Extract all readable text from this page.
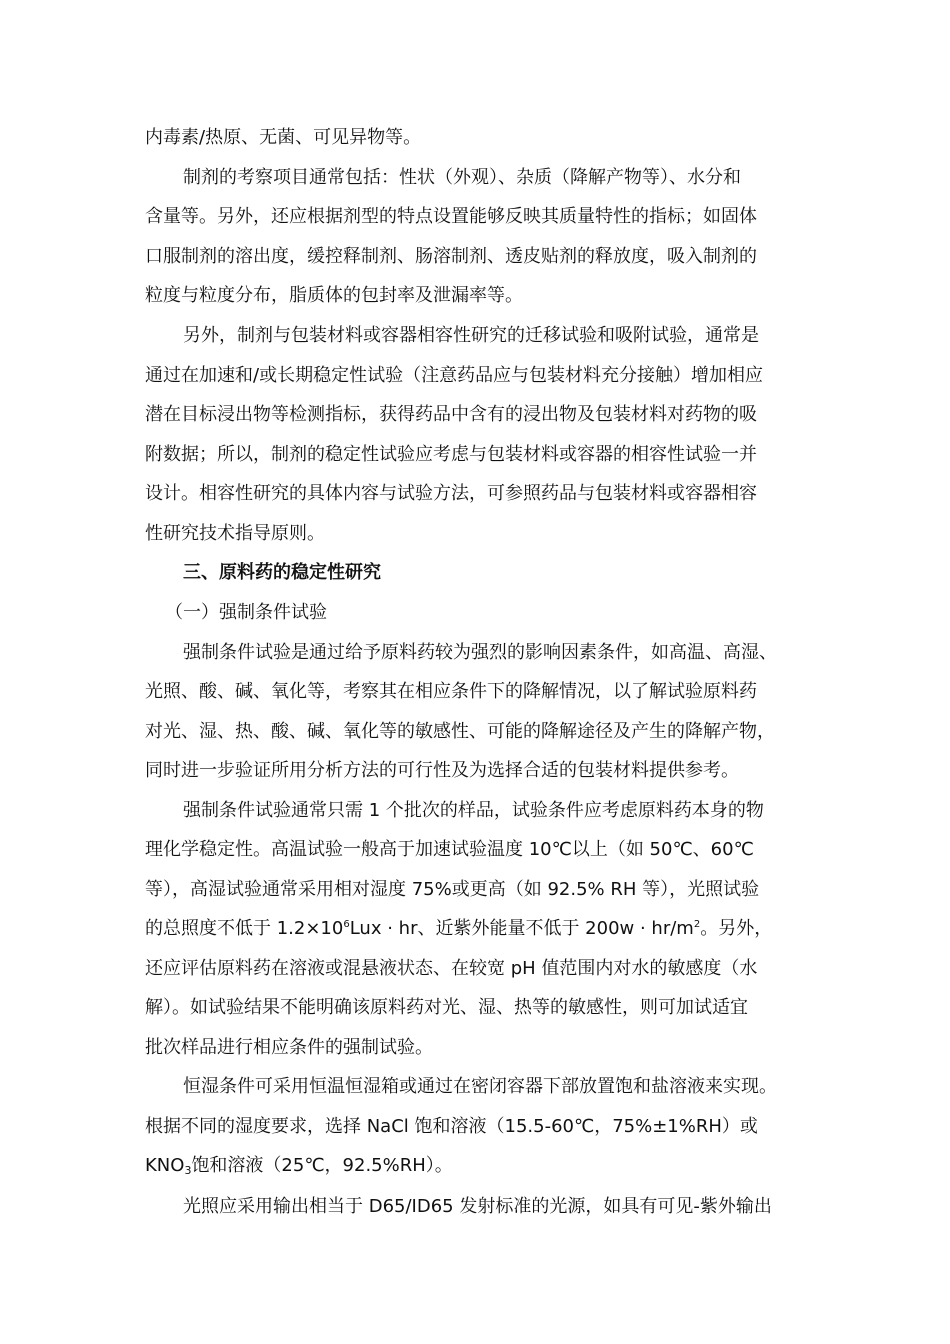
内毒素/热原、无菌、可见异物等。
制剂的考察项目通常包括：性状（外观）、杂质（降解产物等）、水分和
含量等。另外，还应根据剂型的特点设置能够反映其质量特性的指标；如固体
口服制剂的溶出度，缓控释制剂、肠溶制剂、透皮贴剂的释放度，吸入制剂的
粒度与粒度分布，脂质体的包封率及泄漏率等。
另外，制剂与包装材料或容器相容性研究的迁移试验和吸附试验，通常是
通过在加速和/或长期稳定性试验（注意药品应与包装材料充分接触）增加相应
潜在目标浸出物等检测指标，获得药品中含有的浸出物及包装材料对药物的吸
附数据；所以，制剂的稳定性试验应考虑与包装材料或容器的相容性试验一并
设计。相容性研究的具体内容与试验方法，可参照药品与包装材料或容器相容
性研究技术指导原则。
三、原料药的稳定性研究
（一）强制条件试验
强制条件试验是通过给予原料药较为强烈的影响因素条件，如高温、高湿、
光照、酸、碱、氧化等，考察其在相应条件下的降解情况，以了解试验原料药
对光、湿、热、酸、碱、氧化等的敏感性、可能的降解途径及产生的降解产物，
同时进一步验证所用分析方法的可行性及为选择合适的包装材料提供参考。
强制条件试验通常只需 1 个批次的样品，试验条件应考虑原料药本身的物
理化学稳定性。高温试验一般高于加速试验温度 10℃以上（如 50℃、60℃
等），高湿试验通常采用相对湿度 75%或更高（如 92.5% RH 等），光照试验
的总照度不低于 $1.2\times 10^6Lux$ · hr、近紫外能量不低于 $200w \cdot hr/m^2$。另外，
还应评估原料药在溶液或混悬液状态、在较宽 pH 值范围内对水的敏感度（水
解）。如试验结果不能明确该原料药对光、湿、热等的敏感性，则可加试适宜
批次样品进行相应条件的强制试验。
恒湿条件可采用恒温恒湿箱或通过在密闭容器下部放置饱和盐溶液来实现。
根据不同的湿度要求，选择 NaCl 饱和溶液（15.5-60℃，75%±1%RH）或
$KNO_3$饱和溶液（25℃，92.5%RH）。
光照应采用输出相当于 D65/ID65 发射标准的光源，如具有可见-紫外输出
